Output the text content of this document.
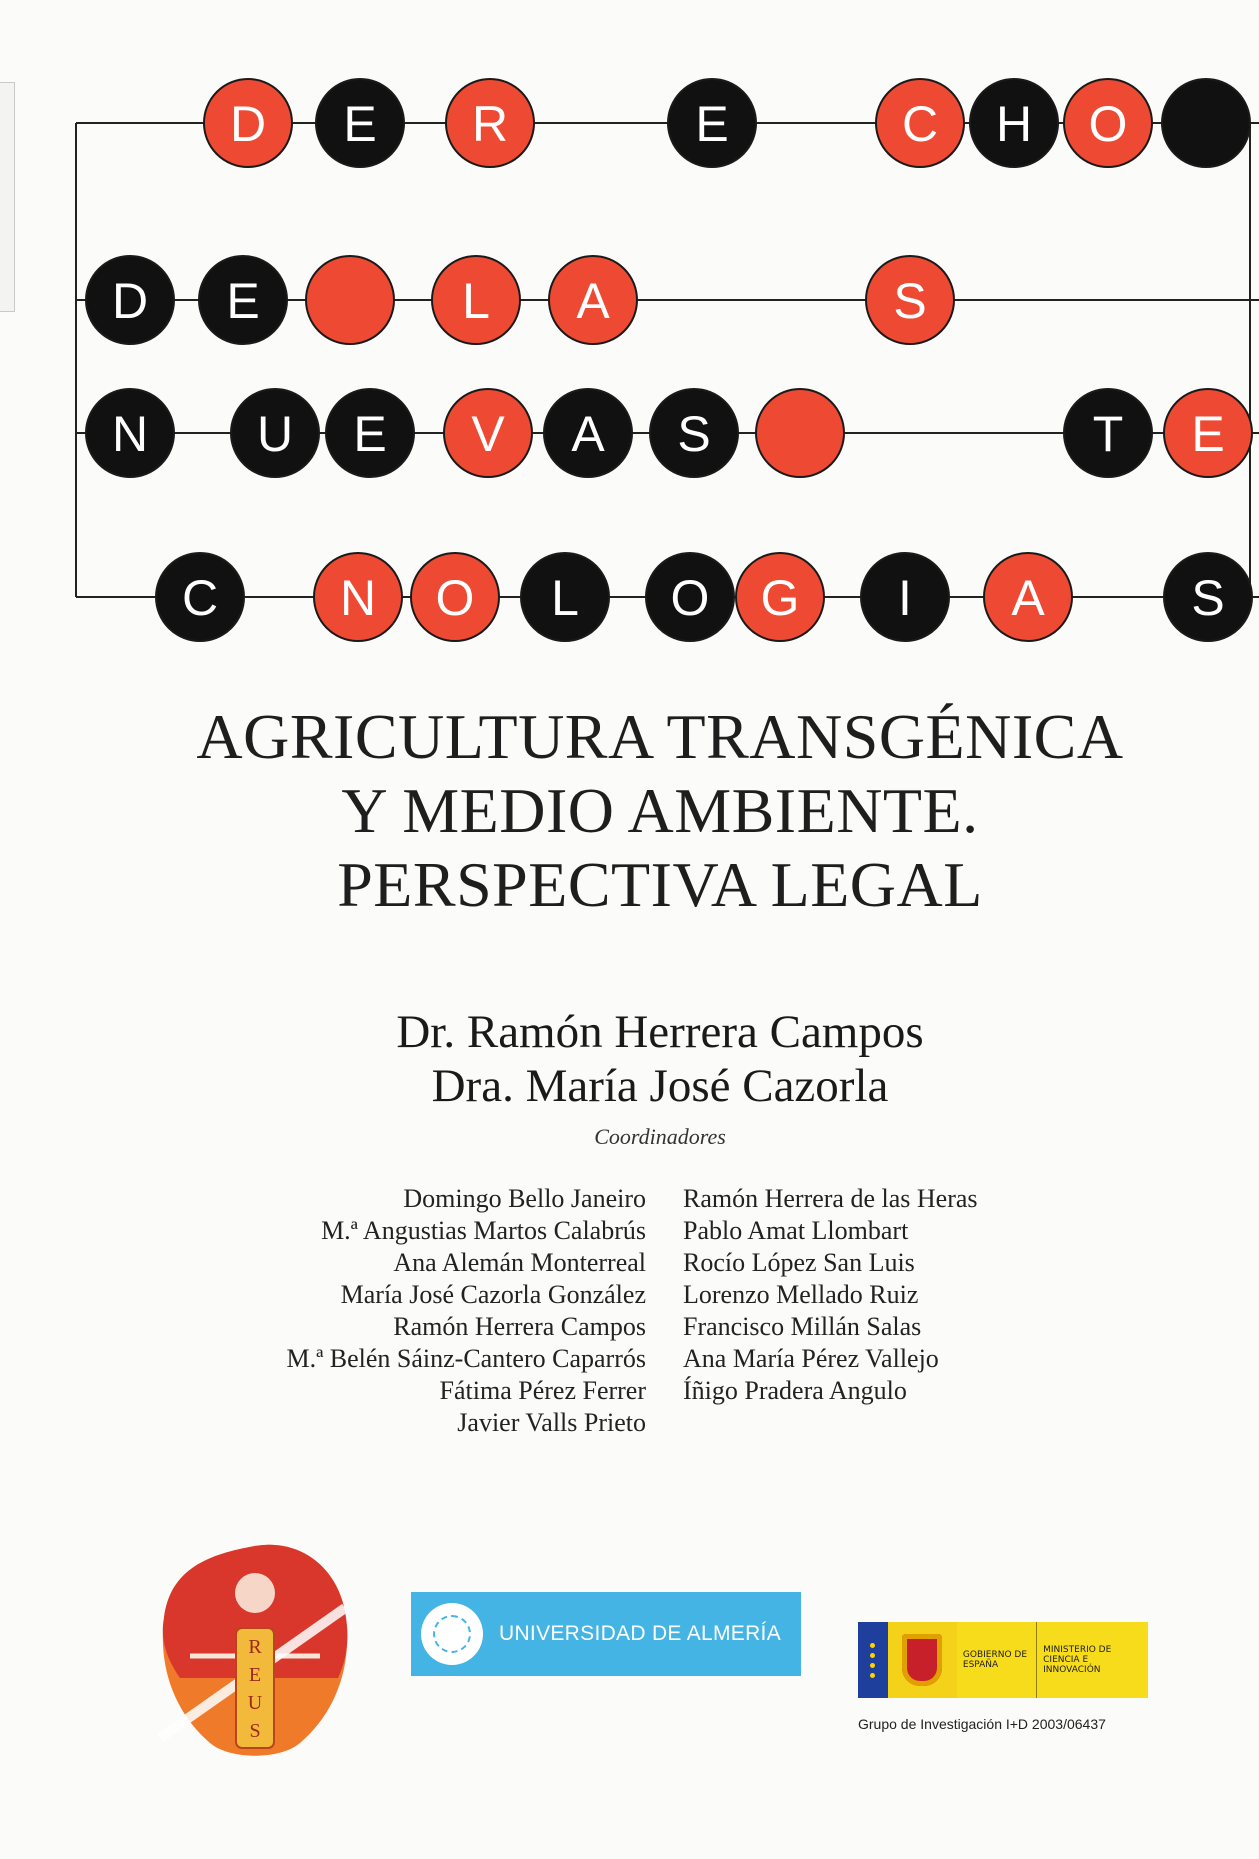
D E R	E	C H O
D E	L A	S
N U E V A S	T E
C N O L O G I A	S
AGRICULTURA TRANSGÉNICA
Y MEDIO AMBIENTE.
PERSPECTIVA LEGAL
Dr. Ramón Herrera Campos
Dra. María José Cazorla
Coordinadores
Domingo Bello Janeiro
M.ª Angustias Martos Calabrús
Ana Alemán Monterreal
María José Cazorla González
Ramón Herrera Campos
M.ª Belén Sáinz-Cantero Caparrós
Fátima Pérez Ferrer
Javier Valls Prieto
Ramón Herrera de las Heras
Pablo Amat Llombart
Rocío López San Luis
Lorenzo Mellado Ruiz
Francisco Millán Salas
Ana María Pérez Vallejo
Íñigo Pradera Angulo
R
E
U
S
UNIVERSIDAD DE ALMERÍA
GOBIERNO DE ESPAÑA
MINISTERIO DE CIENCIA E INNOVACIÓN
Grupo de Investigación I+D 2003/06437
